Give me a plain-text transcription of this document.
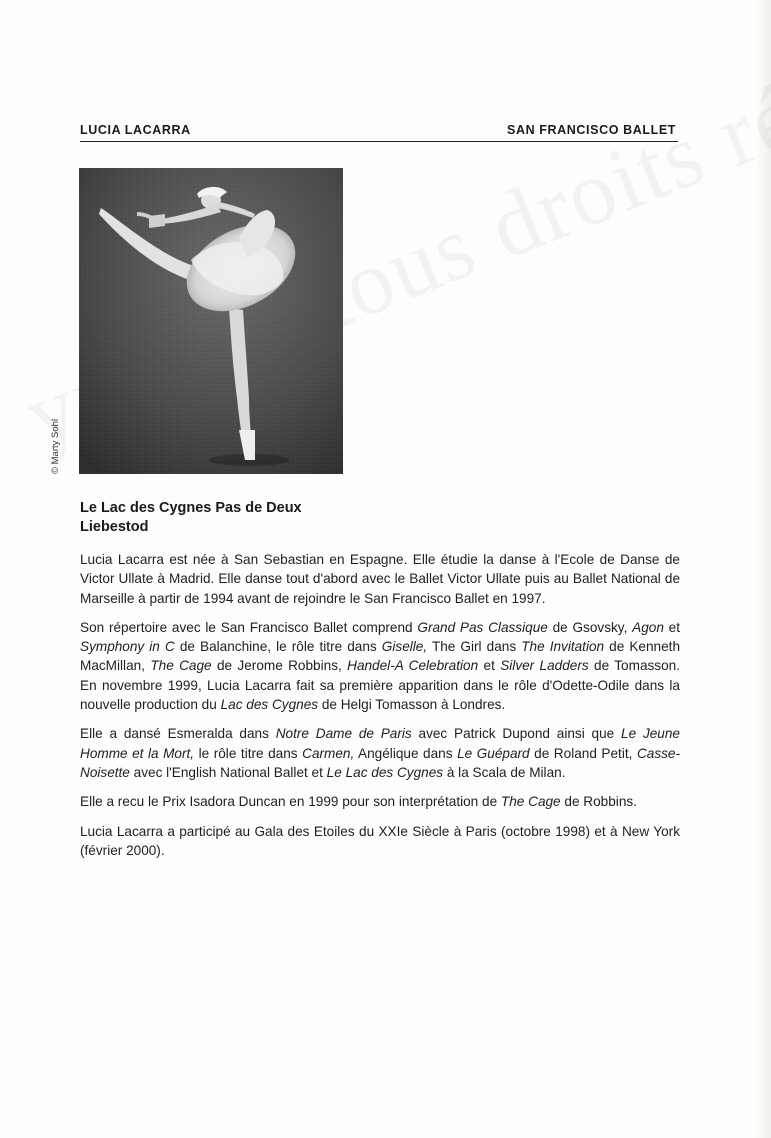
LUCIA LACARRA	SAN FRANCISCO BALLET
© Marty Sohl
Le Lac des Cygnes Pas de Deux
Liebestod

Lucia Lacarra est née à San Sebastian en Espagne. Elle étudie la danse à l'Ecole de Danse de Victor Ullate à Madrid. Elle danse tout d'abord avec le Ballet Victor Ullate puis au Ballet National de Marseille à partir de 1994 avant de rejoindre le San Francisco Ballet en 1997.

Son répertoire avec le San Francisco Ballet comprend Grand Pas Classique de Gsovsky, Agon et Symphony in C de Balanchine, le rôle titre dans Giselle, The Girl dans The Invitation de Kenneth MacMillan, The Cage de Jerome Robbins, Handel-A Celebration et Silver Ladders de Tomasson. En novembre 1999, Lucia Lacarra fait sa première apparition dans le rôle d'Odette-Odile dans la nouvelle production du Lac des Cygnes de Helgi Tomasson à Londres.

Elle a dansé Esmeralda dans Notre Dame de Paris avec Patrick Dupond ainsi que Le Jeune Homme et la Mort, le rôle titre dans Carmen, Angélique dans Le Guépard de Roland Petit, Casse-Noisette avec l'English National Ballet et Le Lac des Cygnes à la Scala de Milan.

Elle a recu le Prix Isadora Duncan en 1999 pour son interprétation de The Cage de Robbins.

Lucia Lacarra a participé au Gala des Etoiles du XXIe Siècle à Paris (octobre 1998) et à New York (février 2000).
